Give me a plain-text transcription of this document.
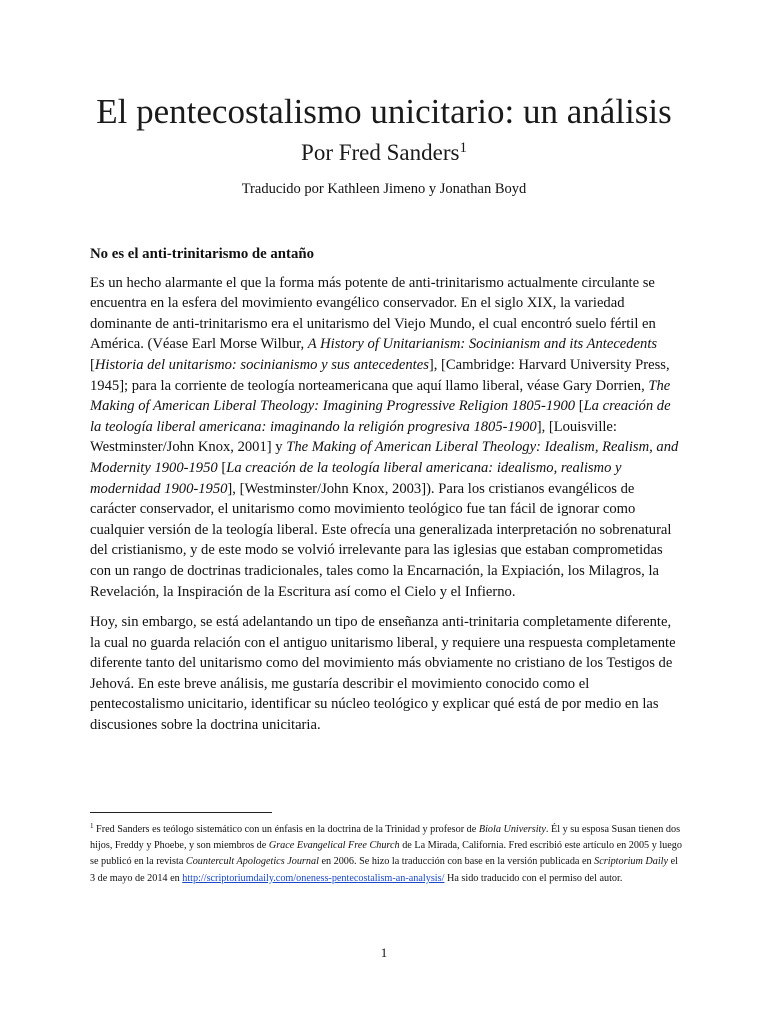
El pentecostalismo unicitario: un análisis

Por Fred Sanders$^1$

Traducido por Kathleen Jimeno y Jonathan Boyd

No es el anti-trinitarismo de antaño

Es un hecho alarmante el que la forma más potente de anti-trinitarismo actualmente circulante se encuentra en la esfera del movimiento evangélico conservador. En el siglo XIX, la variedad dominante de anti-trinitarismo era el unitarismo del Viejo Mundo, el cual encontró suelo fértil en América. (Véase Earl Morse Wilbur, A History of Unitarianism: Socinianism and its Antecedents [Historia del unitarismo: socinianismo y sus antecedentes], [Cambridge: Harvard University Press, 1945]; para la corriente de teología norteamericana que aquí llamo liberal, véase Gary Dorrien, The Making of American Liberal Theology: Imagining Progressive Religion 1805-1900 [La creación de la teología liberal americana: imaginando la religión progresiva 1805-1900], [Louisville: Westminster/John Knox, 2001] y The Making of American Liberal Theology: Idealism, Realism, and Modernity 1900-1950 [La creación de la teología liberal americana: idealismo, realismo y modernidad 1900-1950], [Westminster/John Knox, 2003]). Para los cristianos evangélicos de carácter conservador, el unitarismo como movimiento teológico fue tan fácil de ignorar como cualquier versión de la teología liberal. Este ofrecía una generalizada interpretación no sobrenatural del cristianismo, y de este modo se volvió irrelevante para las iglesias que estaban comprometidas con un rango de doctrinas tradicionales, tales como la Encarnación, la Expiación, los Milagros, la Revelación, la Inspiración de la Escritura así como el Cielo y el Infierno.

Hoy, sin embargo, se está adelantando un tipo de enseñanza anti-trinitaria completamente diferente, la cual no guarda relación con el antiguo unitarismo liberal, y requiere una respuesta completamente diferente tanto del unitarismo como del movimiento más obviamente no cristiano de los Testigos de Jehová. En este breve análisis, me gustaría describir el movimiento conocido como el pentecostalismo unicitario, identificar su núcleo teológico y explicar qué está de por medio en las discusiones sobre la doctrina unicitaria.

$^1$ Fred Sanders es teólogo sistemático con un énfasis en la doctrina de la Trinidad y profesor de Biola University. Él y su esposa Susan tienen dos hijos, Freddy y Phoebe, y son miembros de Grace Evangelical Free Church de La Mirada, California. Fred escribió este artículo en 2005 y luego se publicó en la revista Countercult Apologetics Journal en 2006. Se hizo la traducción con base en la versión publicada en Scriptorium Daily el 3 de mayo de 2014 en http://scriptoriumdaily.com/oneness-pentecostalism-an-analysis/ Ha sido traducido con el permiso del autor.

1
